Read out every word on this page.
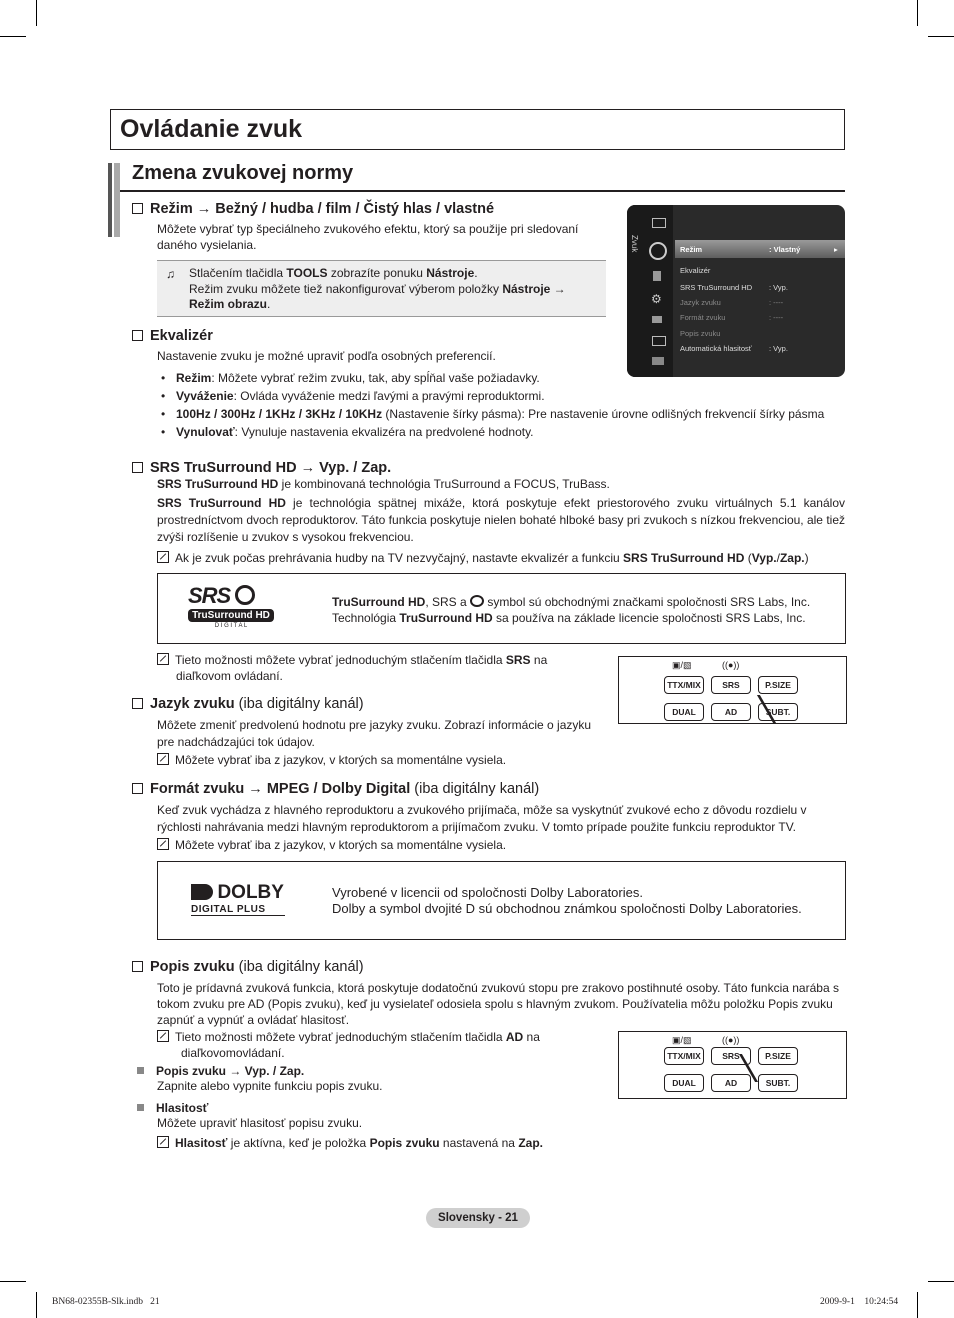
Ovládanie zvuk
Zmena zvukovej normy
Režim → Bežný / hudba / film / Čistý hlas / vlastné
Môžete vybrať typ špeciálneho zvukového efektu, ktorý sa použije pri sledovaní daného vysielania.
♫ Stlačením tlačidla TOOLS zobrazíte ponuku Nástroje.
Režim zvuku môžete tiež nakonfigurovať výberom položky Nástroje →
Režim obrazu.
Zvuk
⚙
Režim	: Vlastný	▸
Ekvalizér
SRS TruSurround HD : Vyp.
Jazyk zvuku	: ----
Formát zvuku	: ----
Popis zvuku
Automatická hlasitosť : Vyp.
Ekvalizér
Nastavenie zvuku je možné upraviť podľa osobných preferencií.
• Režim: Môžete vybrať režim zvuku, tak, aby spĺňal vaše požiadavky.
• Vyváženie: Ovláda vyváženie medzi ľavými a pravými reproduktormi.
• 100Hz / 300Hz / 1KHz / 3KHz / 10KHz (Nastavenie šírky pásma): Pre nastavenie úrovne odlišných frekvencií šírky pásma
• Vynulovať: Vynuluje nastavenia ekvalizéra na predvolené hodnoty.
SRS TruSurround HD → Vyp. / Zap.
SRS TruSurround HD je kombinovaná technológia TruSurround a FOCUS, TruBass.
SRS TruSurround HD je technológia spätnej mixáže, ktorá poskytuje efekt priestorového zvuku virtuálnych 5.1 kanálov prostredníctvom dvoch reproduktorov. Táto funkcia poskytuje nielen bohaté hlboké basy pri zvukoch s nízkou frekvenciou, ale tiež zvýši rozlíšenie u zvukov s vysokou frekvenciou.
Ak je zvuk počas prehrávania hudby na TV nezvyčajný, nastavte ekvalizér a funkciu SRS TruSurround HD (Vyp./Zap.)
SRS
TruSurround HD
D I G I T A L
TruSurround HD, SRS a  symbol sú obchodnými značkami spoločnosti SRS Labs, Inc.
Technológia TruSurround HD sa používa na základe licencie spoločnosti SRS Labs, Inc.
Tieto možnosti môžete vybrať jednoduchým stlačením tlačidla SRS na
diaľkovom ovládaní.
▣/▧	((●))
TTX/MIX	SRS	P.SIZE
DUAL	AD	SUBT.
Jazyk zvuku (iba digitálny kanál)
Môžete zmeniť predvolenú hodnotu pre jazyky zvuku. Zobrazí informácie o jazyku pre nadchádzajúci tok údajov.
Môžete vybrať iba z jazykov, v ktorých sa momentálne vysiela.
Formát zvuku → MPEG / Dolby Digital (iba digitálny kanál)
Keď zvuk vychádza z hlavného reproduktoru a zvukového prijímača, môže sa vyskytnúť zvukové echo z dôvodu rozdielu v rýchlosti nahrávania medzi hlavným reproduktorom a prijímačom zvuku. V tomto prípade použite funkciu reproduktor TV.
Môžete vybrať iba z jazykov, v ktorých sa momentálne vysiela.
DOLBY
DIGITAL PLUS
Vyrobené v licencii od spoločnosti Dolby Laboratories.
Dolby a symbol dvojité D sú obchodnou známkou spoločnosti Dolby Laboratories.
Popis zvuku (iba digitálny kanál)
Toto je prídavná zvuková funkcia, ktorá poskytuje dodatočnú zvukovú stopu pre zrakovo postihnuté osoby. Táto funkcia narába s tokom zvuku pre AD (Popis zvuku), keď ju vysielateľ odosiela spolu s hlavným zvukom. Používatelia môžu položku Popis zvuku zapnúť a vypnúť a ovládať hlasitosť.
Tieto možnosti môžete vybrať jednoduchým stlačením tlačidla AD na
diaľkovomovládaní.
Popis zvuku → Vyp. / Zap.
Zapnite alebo vypnite funkciu popis zvuku.
Hlasitosť
Môžete upraviť hlasitosť popisu zvuku.
Hlasitosť je aktívna, keď je položka Popis zvuku nastavená na Zap.
▣/▧	((●))
TTX/MIX	SRS	P.SIZE
DUAL	AD	SUBT.
Slovensky - 21
BN68-02355B-Slk.indb   21	2009-9-1    10:24:54
